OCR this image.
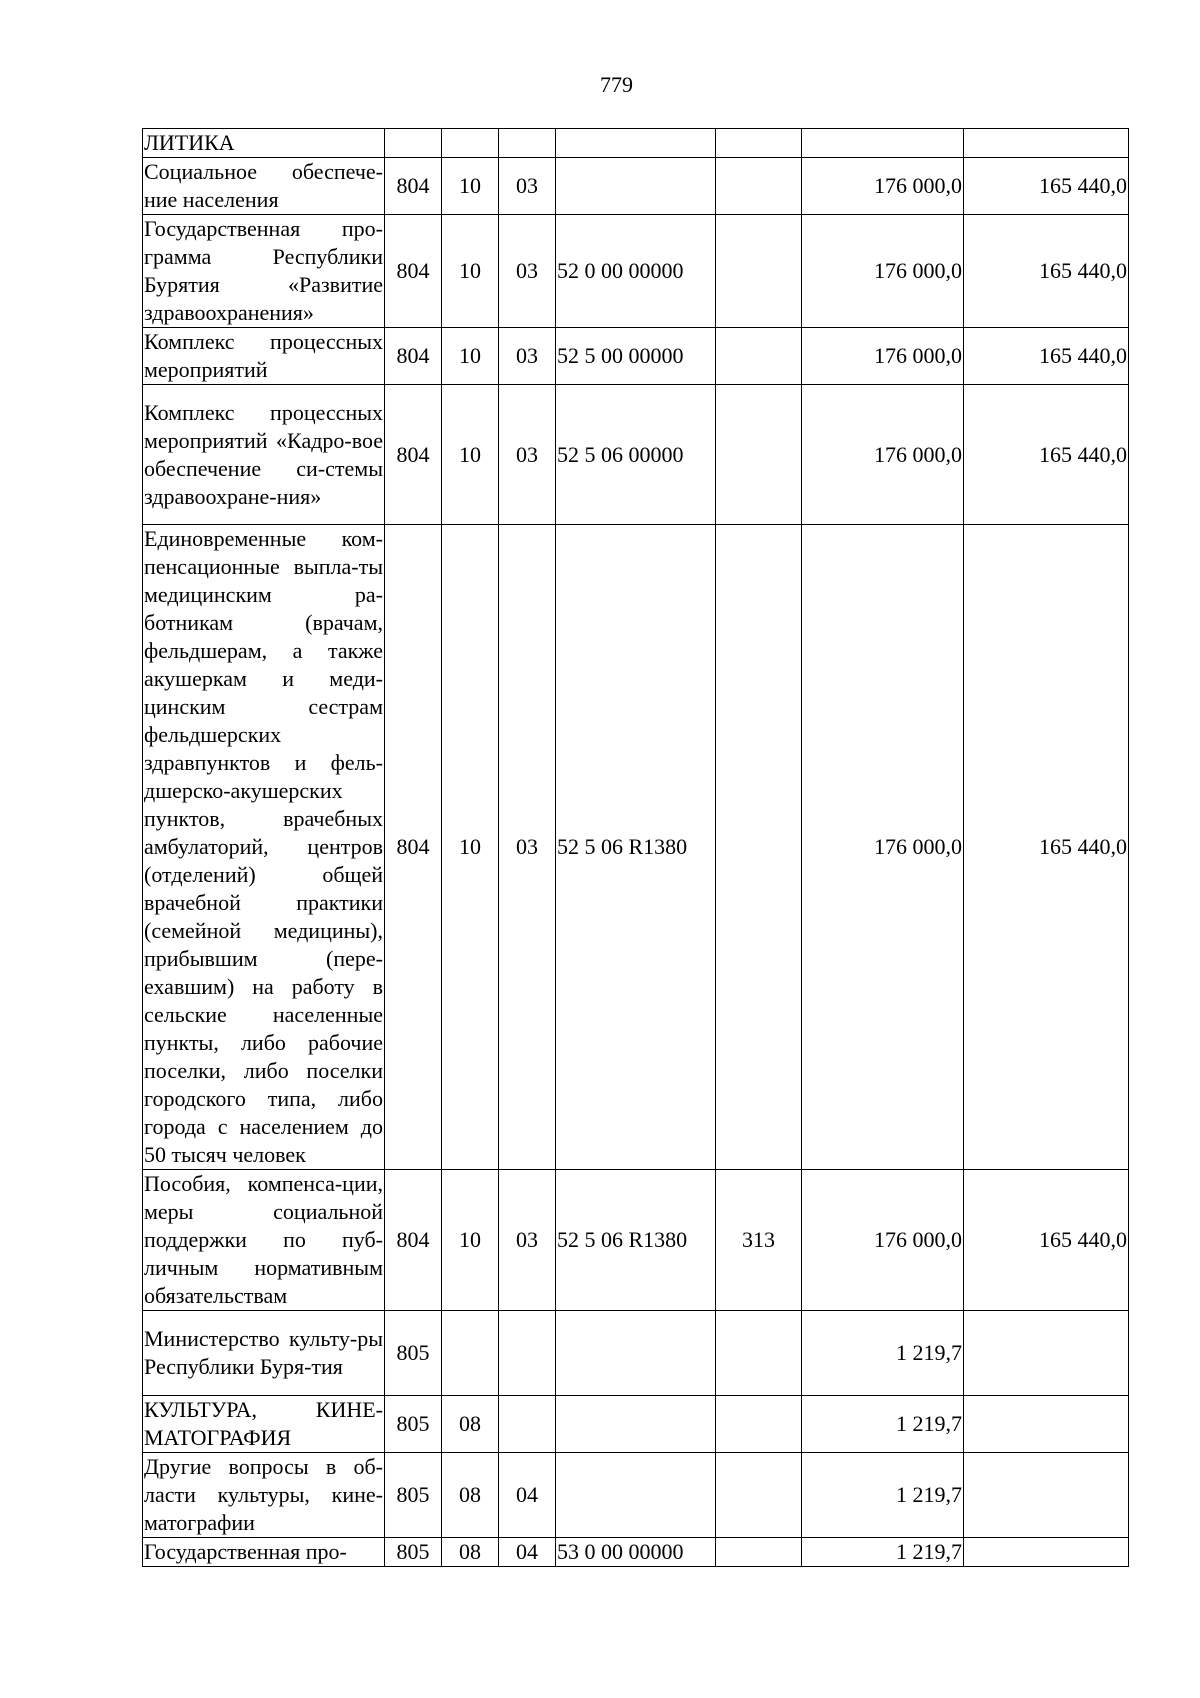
779
ЛИТИКА							
Социальное обеспече-ние населения	804	10	03			176 000,0	165 440,0
Государственная про-грамма Республики Бурятия «Развитие здравоохранения»	804	10	03	52 0 00 00000		176 000,0	165 440,0
Комплекс процессных мероприятий	804	10	03	52 5 00 00000		176 000,0	165 440,0
Комплекс процессных мероприятий «Кадро-вое обеспечение си-стемы здравоохране-ния»	804	10	03	52 5 06 00000		176 000,0	165 440,0
Единовременные ком-пенсационные выпла-ты медицинским ра-ботникам (врачам, фельдшерам, а также акушеркам и меди-цинским сестрам фельдшерских здравпунктов и фель-дшерско-акушерских пунктов, врачебных амбулаторий, центров (отделений) общей врачебной практики (семейной медицины), прибывшим (пере-ехавшим) на работу в сельские населенные пункты, либо рабочие поселки, либо поселки городского типа, либо города с населением до 50 тысяч человек	804	10	03	52 5 06 R1380		176 000,0	165 440,0
Пособия, компенса-ции, меры социальной поддержки по пуб-личным нормативным обязательствам	804	10	03	52 5 06 R1380	313	176 000,0	165 440,0
Министерство культу-ры Республики Буря-тия	805					1 219,7	
КУЛЬТУРА, КИНЕ-МАТОГРАФИЯ	805	08				1 219,7	
Другие вопросы в об-ласти культуры, кине-матографии	805	08	04			1 219,7	
Государственная про-	805	08	04	53 0 00 00000		1 219,7	
